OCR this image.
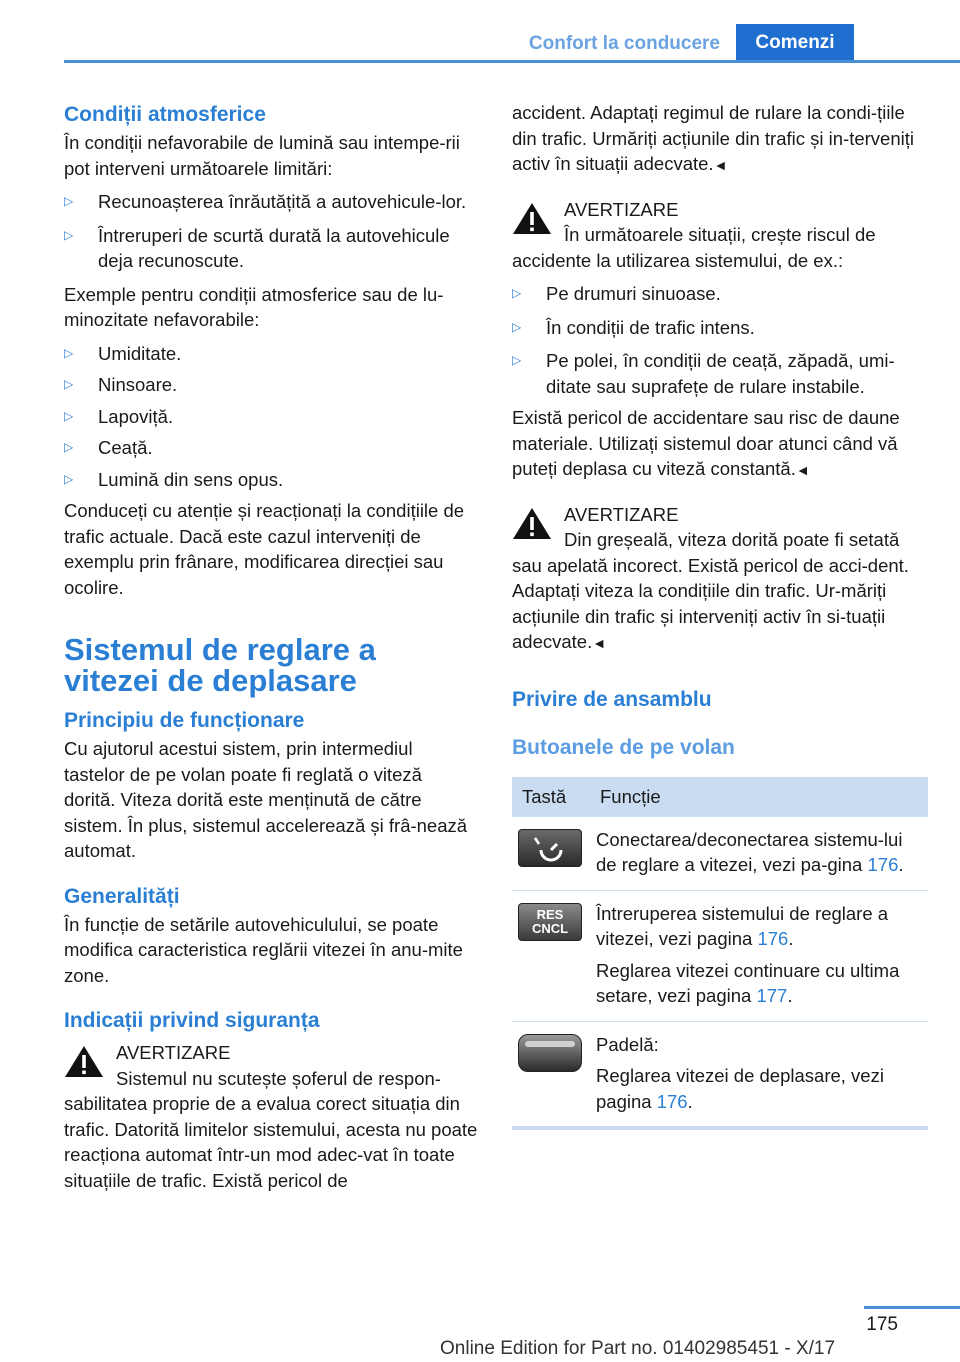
Confort la conducere	Comenzi
Condiții atmosferice

În condiții nefavorabile de lumină sau intempe-rii pot interveni următoarele limitări:

▷ Recunoașterea înrăutățită a autovehicule-lor.
▷ Întreruperi de scurtă durată la autovehicule deja recunoscute.

Exemple pentru condiții atmosferice sau de lu-minozitate nefavorabile:

▷ Umiditate.
▷ Ninsoare.
▷ Lapoviță.
▷ Ceață.
▷ Lumină din sens opus.

Conduceți cu atenție și reacționați la condițiile de trafic actuale. Dacă este cazul interveniți de exemplu prin frânare, modificarea direcției sau ocolire.

Sistemul de reglare a vitezei de deplasare
Principiu de funcționare

Cu ajutorul acestui sistem, prin intermediul tastelor de pe volan poate fi reglată o viteză dorită. Viteza dorită este menținută de către sistem. În plus, sistemul accelerează și frâ-nează automat.

Generalități

În funcție de setările autovehiculului, se poate modifica caracteristica reglării vitezei în anu-mite zone.

Indicații privind siguranța
AVERTIZARE
Sistemul nu scutește șoferul de respon-
sabilitatea proprie de a evalua corect situația din trafic. Datorită limitelor sistemului, acesta nu poate reacționa automat într-un mod adec-vat în toate situațiile de trafic. Există pericol de

accident. Adaptați regimul de rulare la condi-țiile din trafic. Urmăriți acțiunile din trafic și in-terveniți activ în situații adecvate.◄

AVERTIZARE
În următoarele situații, crește riscul de
accidente la utilizarea sistemului, de ex.:
▷ Pe drumuri sinuoase.
▷ În condiții de trafic intens.
▷ Pe polei, în condiții de ceață, zăpadă, umi-ditate sau suprafețe de rulare instabile.

Există pericol de accidentare sau risc de daune materiale. Utilizați sistemul doar atunci când vă puteți deplasa cu viteză constantă.◄

AVERTIZARE
Din greșeală, viteza dorită poate fi setată
sau apelată incorect. Există pericol de acci-dent. Adaptați viteza la condițiile din trafic. Ur-măriți acțiunile din trafic și interveniți activ în si-tuații adecvate.◄
Privire de ansamblu
Butoanele de pe volan
Tastă	Funcție

	Conectarea/deconectarea sistemu-lui de reglare a vitezei, vezi pa-gina 176.

RES CNCL	Întreruperea sistemului de reglare a vitezei, vezi pagina 176.
Reglarea vitezei continuare cu ultima setare, vezi pagina 177.

	Padelă:
Reglarea vitezei de deplasare, vezi pagina 176.
175
Online Edition for Part no. 01402985451 - X/17
